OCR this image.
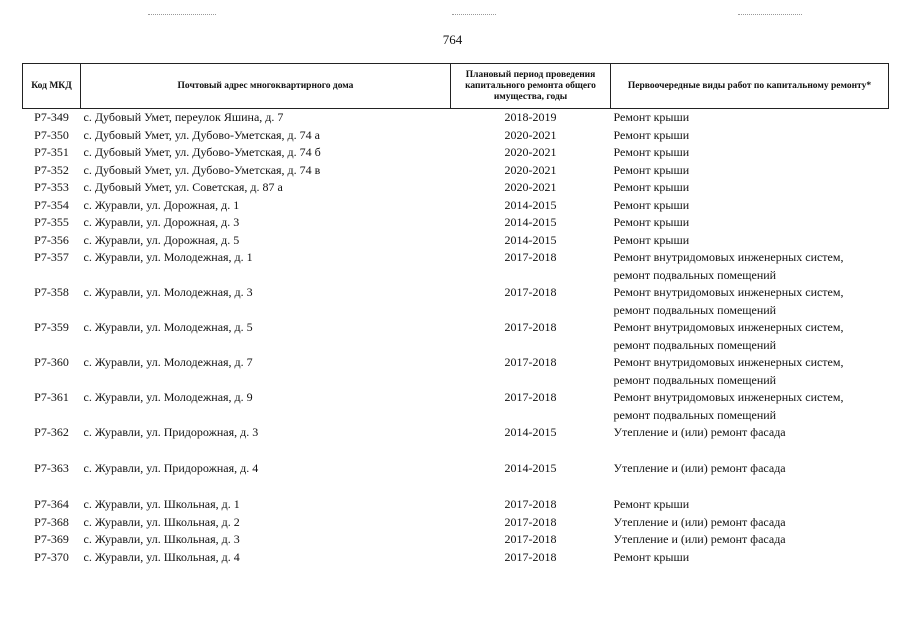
764
Код МКД	Почтовый адрес многоквартирного дома	Плановый период проведения капитального ремонта общего имущества, годы	Первоочередные виды работ по капитальному ремонту*
Р7-349	с. Дубовый Умет, переулок Яшина, д. 7	2018-2019	Ремонт крыши

Р7-350	с. Дубовый Умет, ул. Дубово-Уметская, д. 74 а	2020-2021	Ремонт крыши

Р7-351	с. Дубовый Умет, ул. Дубово-Уметская, д. 74 б	2020-2021	Ремонт крыши

Р7-352	с. Дубовый Умет, ул. Дубово-Уметская, д. 74 в	2020-2021	Ремонт крыши

Р7-353	с. Дубовый Умет, ул. Советская, д. 87 а	2020-2021	Ремонт крыши

Р7-354	с. Журавли, ул. Дорожная, д. 1	2014-2015	Ремонт крыши

Р7-355	с. Журавли, ул. Дорожная, д. 3	2014-2015	Ремонт крыши

Р7-356	с. Журавли, ул. Дорожная, д. 5	2014-2015	Ремонт крыши

Р7-357	с. Журавли, ул. Молодежная, д. 1	2017-2018	Ремонт внутридомовых инженерных систем,
ремонт подвальных помещений

Р7-358	с. Журавли, ул. Молодежная, д. 3	2017-2018	Ремонт внутридомовых инженерных систем,
ремонт подвальных помещений

Р7-359	с. Журавли, ул. Молодежная, д. 5	2017-2018	Ремонт внутридомовых инженерных систем,
ремонт подвальных помещений

Р7-360	с. Журавли, ул. Молодежная, д. 7	2017-2018	Ремонт внутридомовых инженерных систем,
ремонт подвальных помещений

Р7-361	с. Журавли, ул. Молодежная, д. 9	2017-2018	Ремонт внутридомовых инженерных систем,
ремонт подвальных помещений

Р7-362	с. Журавли, ул. Придорожная, д. 3	2014-2015	Утепление и (или) ремонт фасада

Р7-363	с. Журавли, ул. Придорожная, д. 4	2014-2015	Утепление и (или) ремонт фасада

Р7-364	с. Журавли, ул. Школьная, д. 1	2017-2018	Ремонт крыши

Р7-368	с. Журавли, ул. Школьная, д. 2	2017-2018	Утепление и (или) ремонт фасада

Р7-369	с. Журавли, ул. Школьная, д. 3	2017-2018	Утепление и (или) ремонт фасада

Р7-370	с. Журавли, ул. Школьная, д. 4	2017-2018	Ремонт крыши
